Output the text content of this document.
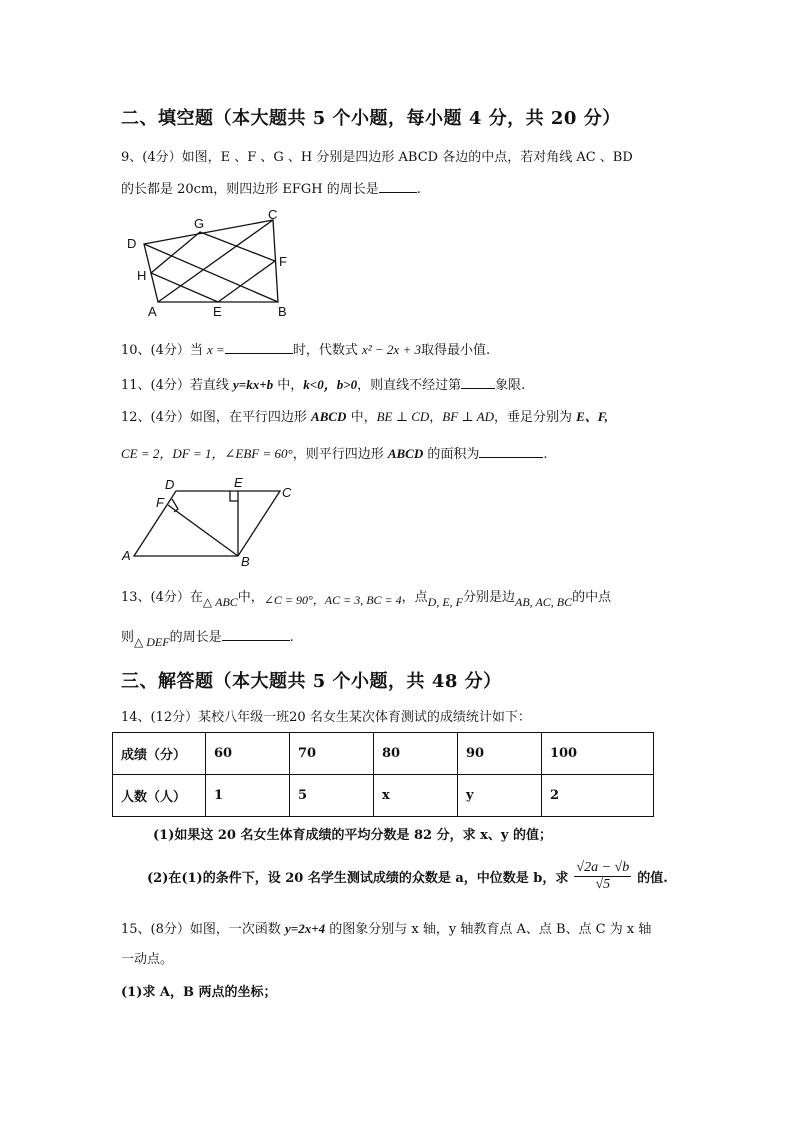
二、填空题（本大题共 5 个小题，每小题 4 分，共 20 分）
9、(4分）如图，E 、F 、G 、H 分别是四边形 ABCD 各边的中点，若对角线 AC 、BD
的长都是 20cm，则四边形 EFGH 的周长是	.
D
G
C
H
F
A	E	B
10、(4分）当 x =	时，代数式 x² − 2x + 3取得最小值.
11、(4分）若直线 y=kx+b 中，k<0，b>0，则直线不经过第	象限.
12、(4分）如图，在平行四边形 ABCD 中，BE ⊥ CD，BF ⊥ AD，垂足分别为 E、F,
CE = 2，DF = 1，∠EBF = 60°，则平行四边形 ABCD 的面积为	.
D	E
C
F
A	B
13、(4分）在△ ABC中，∠C = 90°，AC = 3, BC = 4，点D, E, F分别是边AB, AC, BC的中点
则△ DEF的周长是	.
三、解答题（本大题共 5 个小题，共 48 分）
14、(12分）某校八年级一班20 名女生某次体育测试的成绩统计如下：
成绩（分）	60	70	80	90	100
人数（人）	1	5	x	y	2
(1)如果这 20 名女生体育成绩的平均分数是 82 分，求 x、y 的值；
(2)在(1)的条件下，设 20 名学生测试成绩的众数是 a，中位数是 b，求 $\frac{√2a - √b}{√5}$ 的值.
15、(8分）如图，一次函数 y=2x+4 的图象分别与 x 轴，y 轴教育点 A、点 B、点 C 为 x 轴
一动点。
(1)求 A，B 两点的坐标；
